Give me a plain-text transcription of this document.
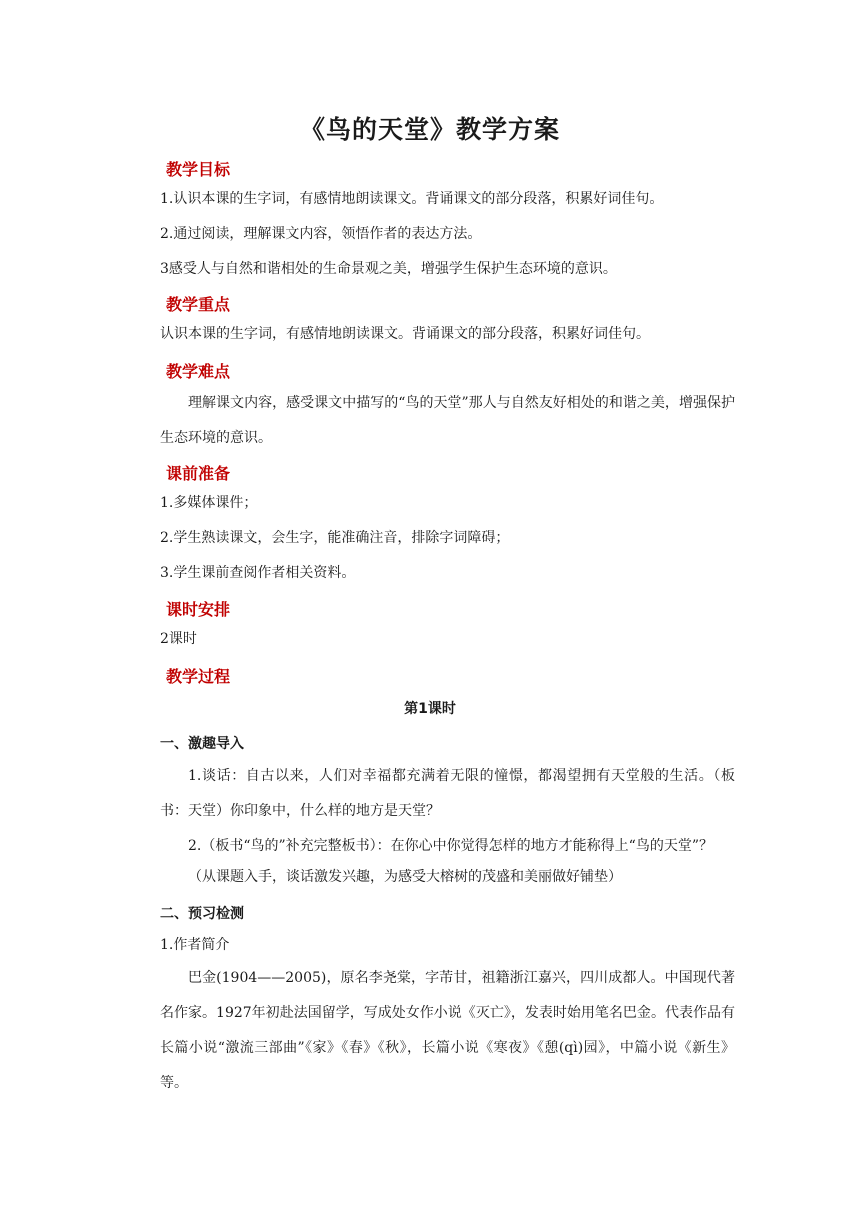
《鸟的天堂》教学方案
教学目标

1.认识本课的生字词，有感情地朗读课文。背诵课文的部分段落，积累好词佳句。

2.通过阅读，理解课文内容，领悟作者的表达方法。

3感受人与自然和谐相处的生命景观之美，增强学生保护生态环境的意识。

教学重点

认识本课的生字词，有感情地朗读课文。背诵课文的部分段落，积累好词佳句。

教学难点

理解课文内容，感受课文中描写的“鸟的天堂”那人与自然友好相处的和谐之美，增强保护生态环境的意识。

课前准备

1.多媒体课件；

2.学生熟读课文，会生字，能准确注音，排除字词障碍；

3.学生课前查阅作者相关资料。

课时安排

2课时

教学过程
第1课时
一、激趣导入

1.谈话：自古以来，人们对幸福都充满着无限的憧憬，都渴望拥有天堂般的生活。（板书：天堂）你印象中，什么样的地方是天堂？

2.（板书“鸟的”补充完整板书）：在你心中你觉得怎样的地方才能称得上“鸟的天堂”？

（从课题入手，谈话激发兴趣，为感受大榕树的茂盛和美丽做好铺垫）

二、预习检测

1.作者简介

巴金(1904——2005)，原名李尧棠，字芾甘，祖籍浙江嘉兴，四川成都人。中国现代著名作家。1927年初赴法国留学，写成处女作小说《灭亡》，发表时始用笔名巴金。代表作品有长篇小说“激流三部曲”《家》《春》《秋》，长篇小说《寒夜》《憩(qì)园》，中篇小说《新生》等。
